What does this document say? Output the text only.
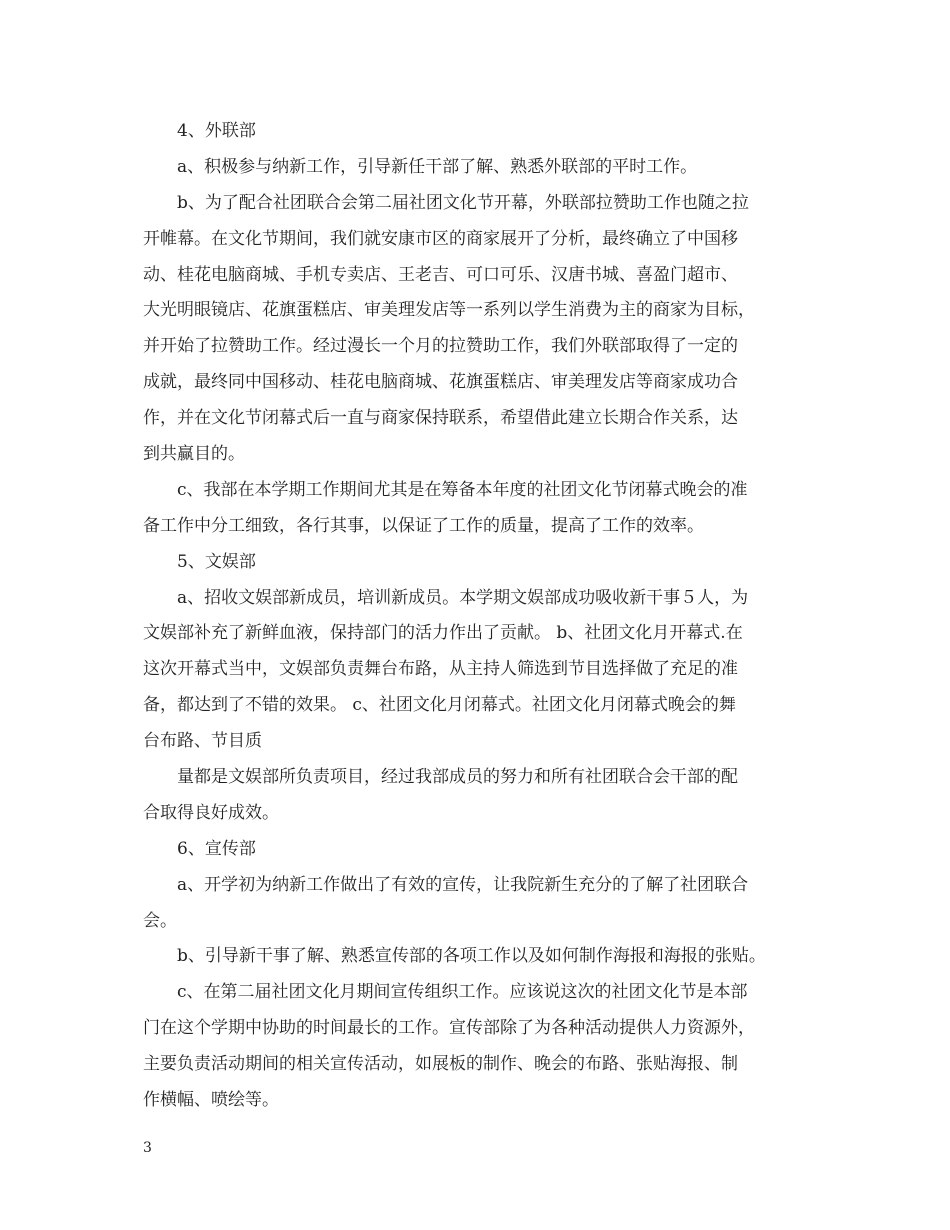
4、外联部
a、积极参与纳新工作，引导新任干部了解、熟悉外联部的平时工作。
b、为了配合社团联合会第二届社团文化节开幕，外联部拉赞助工作也随之拉
开帷幕。在文化节期间，我们就安康市区的商家展开了分析，最终确立了中国移
动、桂花电脑商城、手机专卖店、王老吉、可口可乐、汉唐书城、喜盈门超市、
大光明眼镜店、花旗蛋糕店、审美理发店等一系列以学生消费为主的商家为目标，
并开始了拉赞助工作。经过漫长一个月的拉赞助工作，我们外联部取得了一定的
成就，最终同中国移动、桂花电脑商城、花旗蛋糕店、审美理发店等商家成功合
作，并在文化节闭幕式后一直与商家保持联系，希望借此建立长期合作关系，达
到共赢目的。
c、我部在本学期工作期间尤其是在筹备本年度的社团文化节闭幕式晚会的准
备工作中分工细致，各行其事，以保证了工作的质量，提高了工作的效率。
5、文娱部
a、招收文娱部新成员，培训新成员。本学期文娱部成功吸收新干事５人，为
文娱部补充了新鲜血液，保持部门的活力作出了贡献。 b、社团文化月开幕式.在
这次开幕式当中，文娱部负责舞台布路，从主持人筛选到节目选择做了充足的准
备，都达到了不错的效果。 c、社团文化月闭幕式。社团文化月闭幕式晚会的舞
台布路、节目质
量都是文娱部所负责项目，经过我部成员的努力和所有社团联合会干部的配
合取得良好成效。
6、宣传部
a、开学初为纳新工作做出了有效的宣传，让我院新生充分的了解了社团联合
会。
b、引导新干事了解、熟悉宣传部的各项工作以及如何制作海报和海报的张贴。
c、在第二届社团文化月期间宣传组织工作。应该说这次的社团文化节是本部
门在这个学期中协助的时间最长的工作。宣传部除了为各种活动提供人力资源外，
主要负责活动期间的相关宣传活动，如展板的制作、晚会的布路、张贴海报、制
作横幅、喷绘等。
3
